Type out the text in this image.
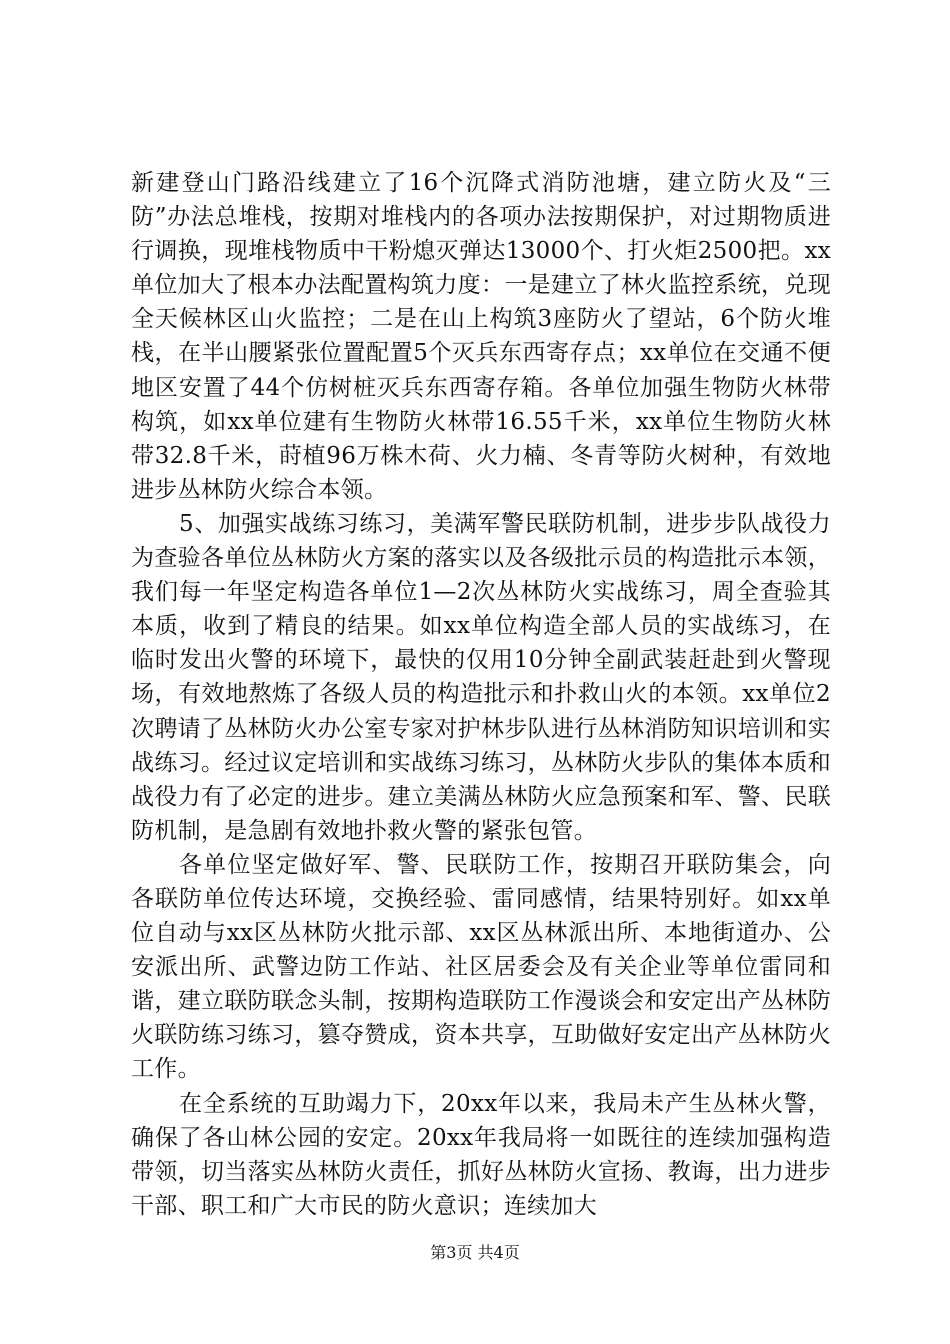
新建登山门路沿线建立了16个沉降式消防池塘，建立防火及“三防”办法总堆栈，按期对堆栈内的各项办法按期保护，对过期物质进行调换，现堆栈物质中干粉熄灭弹达13000个、打火炬2500把。xx单位加大了根本办法配置构筑力度：一是建立了林火监控系统，兑现全天候林区山火监控；二是在山上构筑3座防火了望站，6个防火堆栈，在半山腰紧张位置配置5个灭兵东西寄存点；xx单位在交通不便地区安置了44个仿树桩灭兵东西寄存箱。各单位加强生物防火林带构筑，如xx单位建有生物防火林带16.55千米，xx单位生物防火林带32.8千米，莳植96万株木荷、火力楠、冬青等防火树种，有效地进步丛林防火综合本领。

5、加强实战练习练习，美满军警民联防机制，进步步队战役力为查验各单位丛林防火方案的落实以及各级批示员的构造批示本领，我们每一年坚定构造各单位1—2次丛林防火实战练习，周全查验其本质，收到了精良的结果。如xx单位构造全部人员的实战练习，在临时发出火警的环境下，最快的仅用10分钟全副武装赶赴到火警现场，有效地熬炼了各级人员的构造批示和扑救山火的本领。xx单位2次聘请了丛林防火办公室专家对护林步队进行丛林消防知识培训和实战练习。经过议定培训和实战练习练习，丛林防火步队的集体本质和战役力有了必定的进步。建立美满丛林防火应急预案和军、警、民联防机制，是急剧有效地扑救火警的紧张包管。

各单位坚定做好军、警、民联防工作，按期召开联防集会，向各联防单位传达环境，交换经验、雷同感情，结果特别好。如xx单位自动与xx区丛林防火批示部、xx区丛林派出所、本地街道办、公安派出所、武警边防工作站、社区居委会及有关企业等单位雷同和谐，建立联防联念头制，按期构造联防工作漫谈会和安定出产丛林防火联防练习练习，篡夺赞成，资本共享，互助做好安定出产丛林防火工作。

在全系统的互助竭力下，20xx年以来，我局未产生丛林火警，确保了各山林公园的安定。20xx年我局将一如既往的连续加强构造带领，切当落实丛林防火责任，抓好丛林防火宣扬、教诲，出力进步干部、职工和广大市民的防火意识；连续加大

第3页 共4页
